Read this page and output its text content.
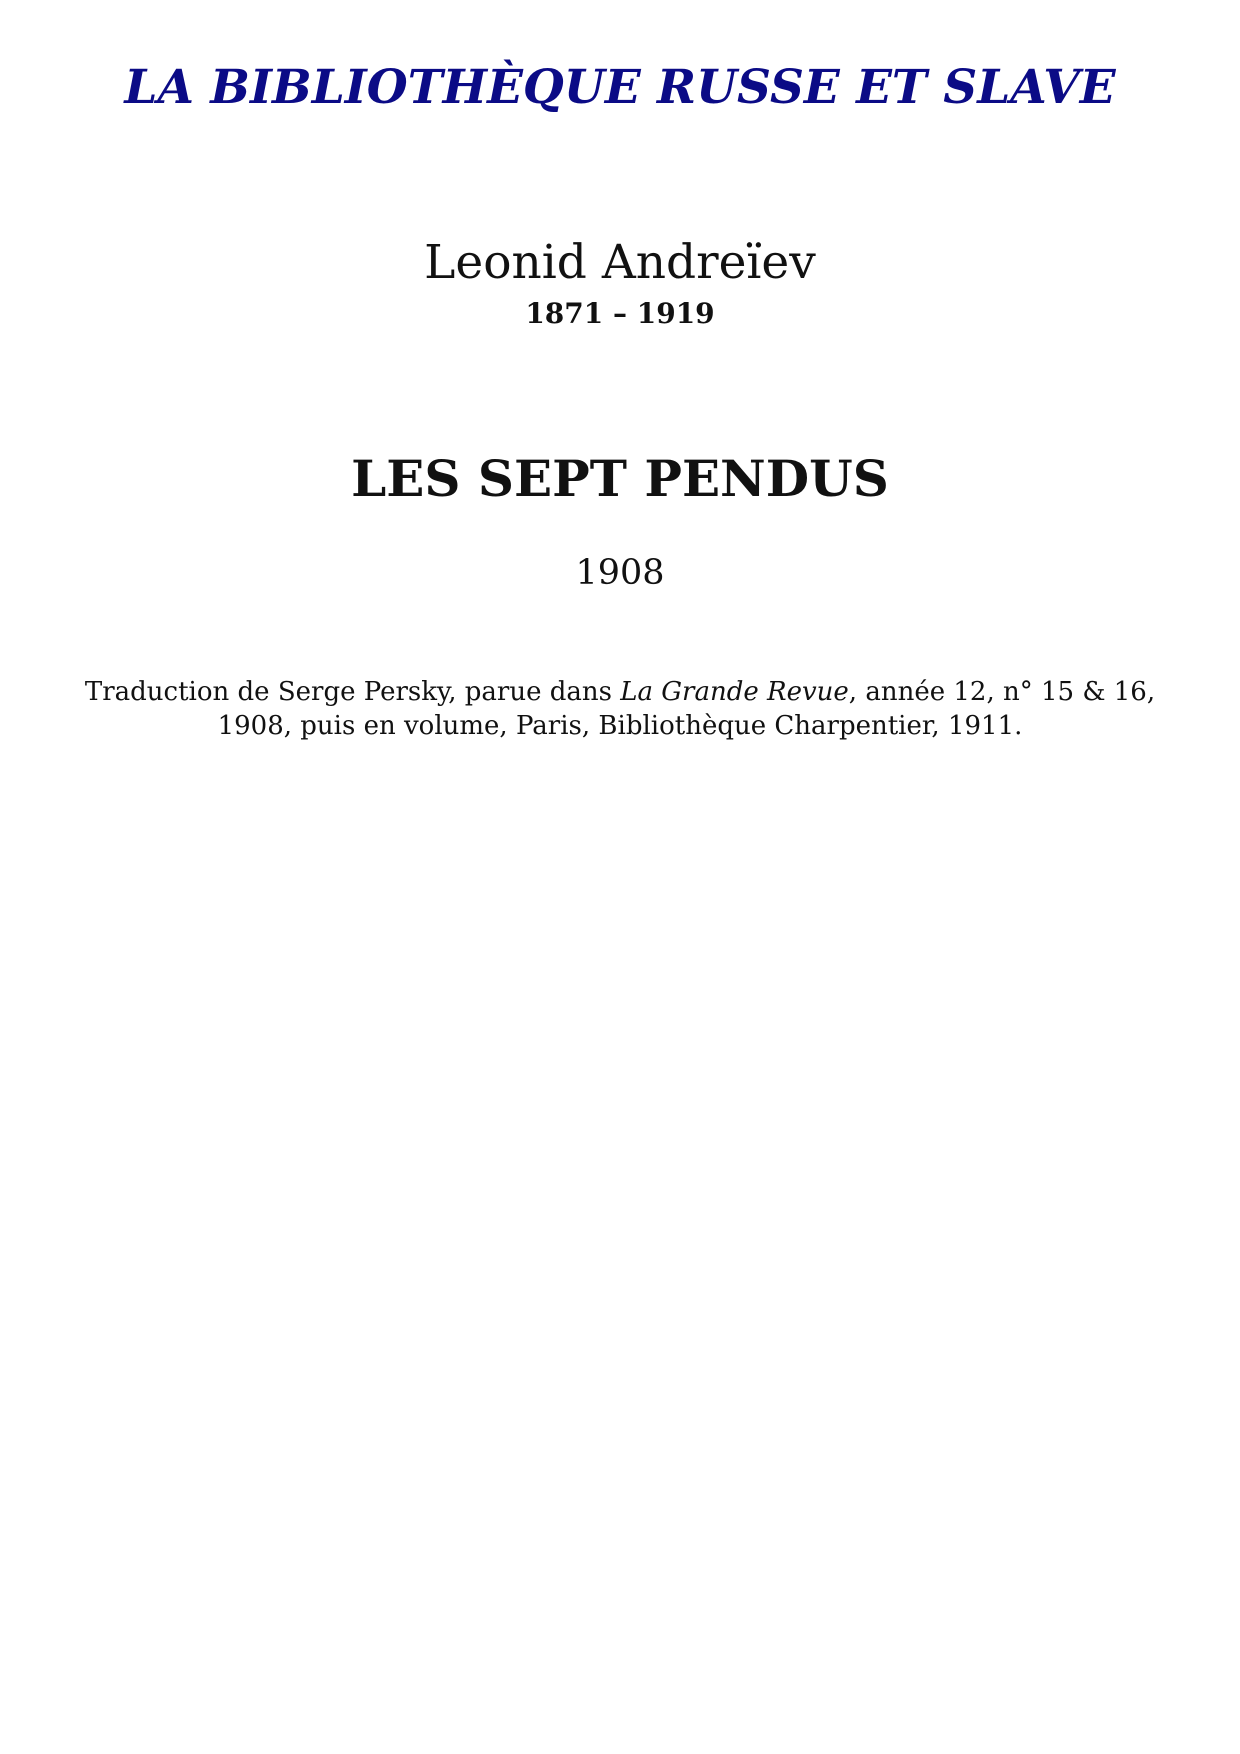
LA BIBLIOTHÈQUE RUSSE ET SLAVE
Leonid Andreïev
1871 – 1919
LES SEPT PENDUS
1908
Traduction de Serge Persky, parue dans La Grande Revue, année 12, n° 15 & 16, 1908, puis en volume, Paris, Bibliothèque Charpentier, 1911.
